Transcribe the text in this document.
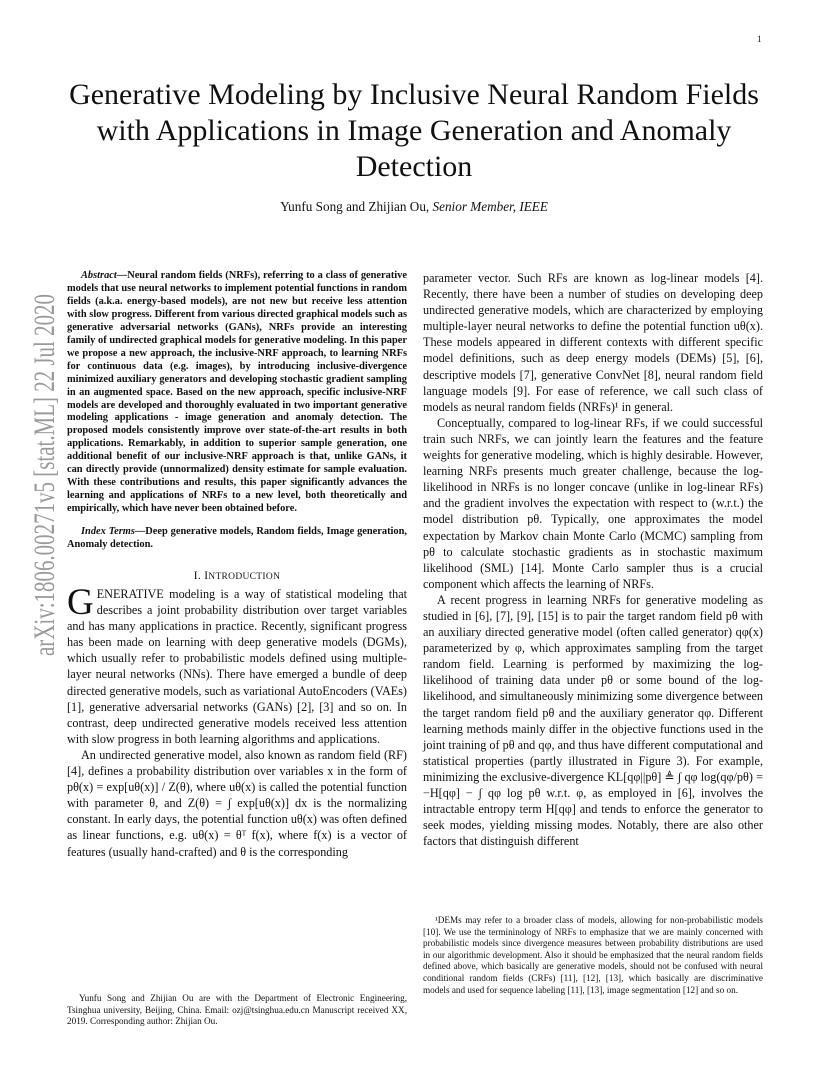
1
arXiv:1806.00271v5 [stat.ML] 22 Jul 2020
Generative Modeling by Inclusive Neural Random Fields with Applications in Image Generation and Anomaly Detection
Yunfu Song and Zhijian Ou, Senior Member, IEEE

Abstract—Neural random fields (NRFs), referring to a class of generative models that use neural networks to implement potential functions in random fields (a.k.a. energy-based models), are not new but receive less attention with slow progress. Different from various directed graphical models such as generative adversarial networks (GANs), NRFs provide an interesting family of undirected graphical models for generative modeling. In this paper we propose a new approach, the inclusive-NRF approach, to learning NRFs for continuous data (e.g. images), by introducing inclusive-divergence minimized auxiliary generators and developing stochastic gradient sampling in an augmented space. Based on the new approach, specific inclusive-NRF models are developed and thoroughly evaluated in two important generative modeling applications - image generation and anomaly detection. The proposed models consistently improve over state-of-the-art results in both applications. Remarkably, in addition to superior sample generation, one additional benefit of our inclusive-NRF approach is that, unlike GANs, it can directly provide (unnormalized) density estimate for sample evaluation. With these contributions and results, this paper significantly advances the learning and applications of NRFs to a new level, both theoretically and empirically, which have never been obtained before.

Index Terms—Deep generative models, Random fields, Image generation, Anomaly detection.

I. INTRODUCTION

GENERATIVE modeling is a way of statistical modeling that describes a joint probability distribution over target variables and has many applications in practice. Recently, significant progress has been made on learning with deep generative models (DGMs), which usually refer to probabilistic models defined using multiple-layer neural networks (NNs). There have emerged a bundle of deep directed generative models, such as variational AutoEncoders (VAEs) [1], generative adversarial networks (GANs) [2], [3] and so on. In contrast, deep undirected generative models received less attention with slow progress in both learning algorithms and applications.

An undirected generative model, also known as random field (RF) [4], defines a probability distribution over variables x in the form of pθ(x) = exp[uθ(x)] / Z(θ), where uθ(x) is called the potential function with parameter θ, and Z(θ) = ∫ exp[uθ(x)] dx is the normalizing constant. In early days, the potential function uθ(x) was often defined as linear functions, e.g. uθ(x) = θᵀ f(x), where f(x) is a vector of features (usually hand-crafted) and θ is the corresponding

Yunfu Song and Zhijian Ou are with the Department of Electronic Engineering, Tsinghua university, Beijing, China. Email: ozj@tsinghua.edu.cn Manuscript received XX, 2019. Corresponding author: Zhijian Ou.

parameter vector. Such RFs are known as log-linear models [4]. Recently, there have been a number of studies on developing deep undirected generative models, which are characterized by employing multiple-layer neural networks to define the potential function uθ(x). These models appeared in different contexts with different specific model definitions, such as deep energy models (DEMs) [5], [6], descriptive models [7], generative ConvNet [8], neural random field language models [9]. For ease of reference, we call such class of models as neural random fields (NRFs)¹ in general.

Conceptually, compared to log-linear RFs, if we could successful train such NRFs, we can jointly learn the features and the feature weights for generative modeling, which is highly desirable. However, learning NRFs presents much greater challenge, because the log-likelihood in NRFs is no longer concave (unlike in log-linear RFs) and the gradient involves the expectation with respect to (w.r.t.) the model distribution pθ. Typically, one approximates the model expectation by Markov chain Monte Carlo (MCMC) sampling from pθ to calculate stochastic gradients as in stochastic maximum likelihood (SML) [14]. Monte Carlo sampler thus is a crucial component which affects the learning of NRFs.

A recent progress in learning NRFs for generative modeling as studied in [6], [7], [9], [15] is to pair the target random field pθ with an auxiliary directed generative model (often called generator) qφ(x) parameterized by φ, which approximates sampling from the target random field. Learning is performed by maximizing the log-likelihood of training data under pθ or some bound of the log-likelihood, and simultaneously minimizing some divergence between the target random field pθ and the auxiliary generator qφ. Different learning methods mainly differ in the objective functions used in the joint training of pθ and qφ, and thus have different computational and statistical properties (partly illustrated in Figure 3). For example, minimizing the exclusive-divergence KL[qφ||pθ] ≜ ∫ qφ log(qφ/pθ) = −H[qφ] − ∫ qφ log pθ w.r.t. φ, as employed in [6], involves the intractable entropy term H[qφ] and tends to enforce the generator to seek modes, yielding missing modes. Notably, there are also other factors that distinguish different

¹DEMs may refer to a broader class of models, allowing for non-probabilistic models [10]. We use the termininology of NRFs to emphasize that we are mainly concerned with probabilistic models since divergence measures between probability distributions are used in our algorithmic development. Also it should be emphasized that the neural random fields defined above, which basically are generative models, should not be confused with neural conditional random fields (CRFs) [11], [12], [13], which basically are discriminative models and used for sequence labeling [11], [13], image segmentation [12] and so on.
